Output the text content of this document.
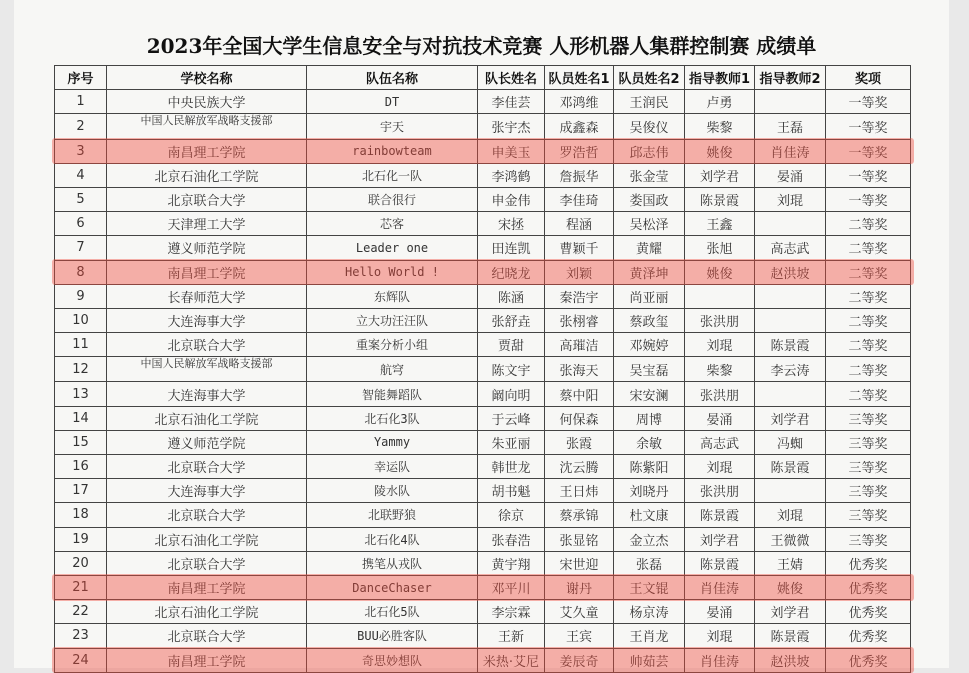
2023年全国大学生信息安全与对抗技术竞赛 人形机器人集群控制赛 成绩单
序号	学校名称	队伍名称	队长姓名	队员姓名1	队员姓名2	指导教师1	指导教师2	奖项
1	中央民族大学	DT	李佳芸	邓鸿维	王润民	卢勇		一等奖
2	中国人民解放军战略支援部	宇天	张宇杰	成鑫森	吴俊仪	柴黎	王磊	一等奖
3	南昌理工学院	rainbowteam	申美玉	罗浩哲	邱志伟	姚俊	肖佳涛	一等奖
4	北京石油化工学院	北石化一队	李鸿鹤	詹振华	张金莹	刘学君	晏涌	一等奖
5	北京联合大学	联合很行	申金伟	李佳琦	娄国政	陈景霞	刘琨	一等奖
6	天津理工大学	芯客	宋拯	程涵	吴松泽	王鑫		二等奖
7	遵义师范学院	Leader one	田连凯	曹颖千	黄耀	张旭	高志武	二等奖
8	南昌理工学院	Hello World !	纪晓龙	刘颖	黄泽坤	姚俊	赵洪坡	二等奖
9	长春师范大学	东辉队	陈涵	秦浩宇	尚亚丽			二等奖
10	大连海事大学	立大功汪汪队	张舒垚	张栩睿	蔡政玺	张洪朋		二等奖
11	北京联合大学	重案分析小组	贾甜	高璀洁	邓婉婷	刘琨	陈景霞	二等奖
12	中国人民解放军战略支援部	航穹	陈文宇	张海天	吴宝磊	柴黎	李云涛	二等奖
13	大连海事大学	智能舞蹈队	阚向明	蔡中阳	宋安澜	张洪朋		二等奖
14	北京石油化工学院	北石化3队	于云峰	何保森	周博	晏涌	刘学君	三等奖
15	遵义师范学院	Yammy	朱亚丽	张霞	余敏	高志武	冯蜘	三等奖
16	北京联合大学	幸运队	韩世龙	沈云腾	陈紫阳	刘琨	陈景霞	三等奖
17	大连海事大学	陵水队	胡书魁	王日炜	刘晓丹	张洪朋		三等奖
18	北京联合大学	北联野狼	徐京	蔡承锦	杜文康	陈景霞	刘琨	三等奖
19	北京石油化工学院	北石化4队	张春浩	张显铭	金立杰	刘学君	王微微	三等奖
20	北京联合大学	携笔从戎队	黄宇翔	宋世迎	张磊	陈景霞	王婧	优秀奖
21	南昌理工学院	DanceChaser	邓平川	谢丹	王文锟	肖佳涛	姚俊	优秀奖
22	北京石油化工学院	北石化5队	李宗霖	艾久童	杨京涛	晏涌	刘学君	优秀奖
23	北京联合大学	BUU必胜客队	王新	王宾	王肖龙	刘琨	陈景霞	优秀奖
24	南昌理工学院	奇思妙想队	米热·艾尼	姜辰奇	帅茹芸	肖佳涛	赵洪坡	优秀奖
